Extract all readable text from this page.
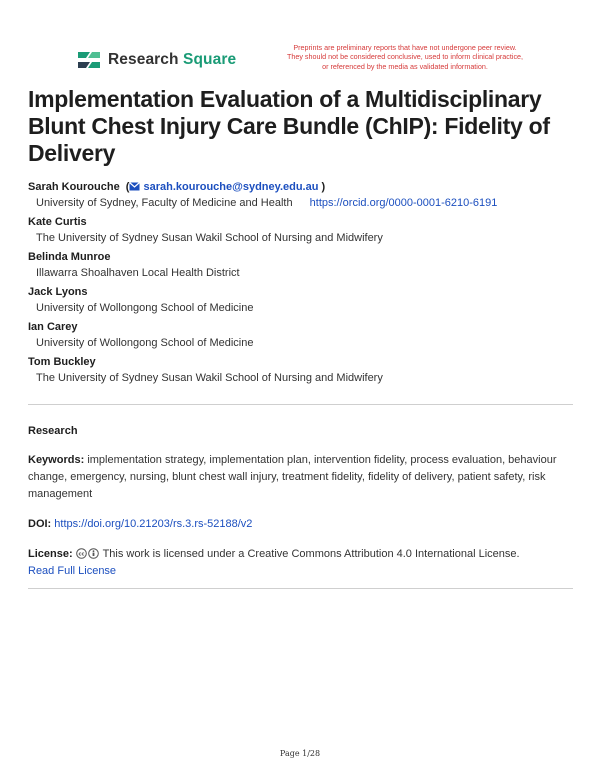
Research Square
Preprints are preliminary reports that have not undergone peer review.
They should not be considered conclusive, used to inform clinical practice,
or referenced by the media as validated information.
Implementation Evaluation of a Multidisciplinary Blunt Chest Injury Care Bundle (ChIP): Fidelity of Delivery
Sarah Kourouche  ( sarah.kourouche@sydney.edu.au )
University of Sydney, Faculty of Medicine and Health https://orcid.org/0000-0001-6210-6191
Kate Curtis
The University of Sydney Susan Wakil School of Nursing and Midwifery
Belinda Munroe
Illawarra Shoalhaven Local Health District
Jack Lyons
University of Wollongong School of Medicine
Ian Carey
University of Wollongong School of Medicine
Tom Buckley
The University of Sydney Susan Wakil School of Nursing and Midwifery
Research
Keywords: implementation strategy, implementation plan, intervention fidelity, process evaluation, behaviour change, emergency, nursing, blunt chest wall injury, treatment fidelity, fidelity of delivery, patient safety, risk management
DOI: https://doi.org/10.21203/rs.3.rs-52188/v2
License: cc This work is licensed under a Creative Commons Attribution 4.0 International License.
Read Full License
Page 1/28
